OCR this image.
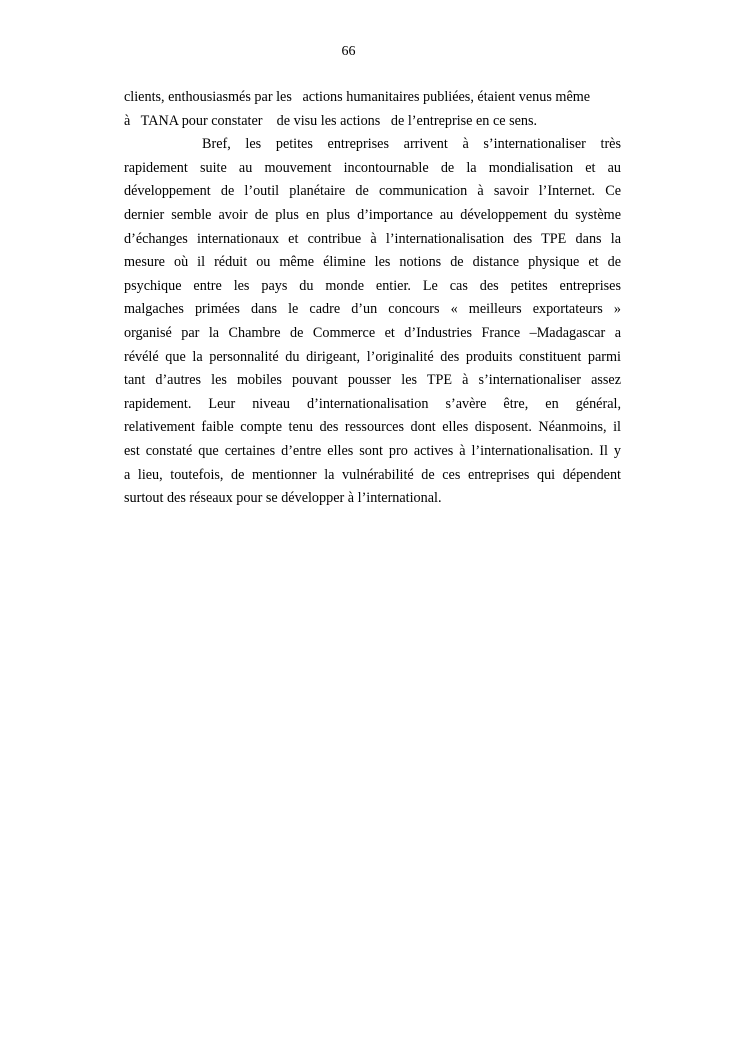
66
clients, enthousiasmés par les   actions humanitaires publiées, étaient venus même
à   TANA pour constater    de visu les actions   de l’entreprise en ce sens.
Bref, les petites entreprises arrivent à s’internationaliser très
rapidement suite au mouvement incontournable de la mondialisation et au
développement de l’outil planétaire de communication à savoir l’Internet. Ce
dernier semble avoir de plus en plus d’importance au développement du système
d’échanges internationaux et contribue à l’internationalisation des TPE dans la
mesure où il réduit ou même élimine les notions de distance physique et de
psychique entre les pays du monde entier. Le cas des petites entreprises
malgaches primées dans le cadre d’un concours « meilleurs exportateurs »
organisé par la Chambre de Commerce et d’Industries France –Madagascar a
révélé que la personnalité du dirigeant, l’originalité des produits constituent parmi
tant d’autres les mobiles pouvant pousser les TPE à s’internationaliser assez
rapidement. Leur niveau d’internationalisation s’avère être, en général,
relativement faible compte tenu des ressources dont elles disposent. Néanmoins, il
est constaté que certaines d’entre elles sont pro actives à l’internationalisation. Il y
a lieu, toutefois, de mentionner la vulnérabilité de ces entreprises qui dépendent
surtout des réseaux pour se développer à l’international.
